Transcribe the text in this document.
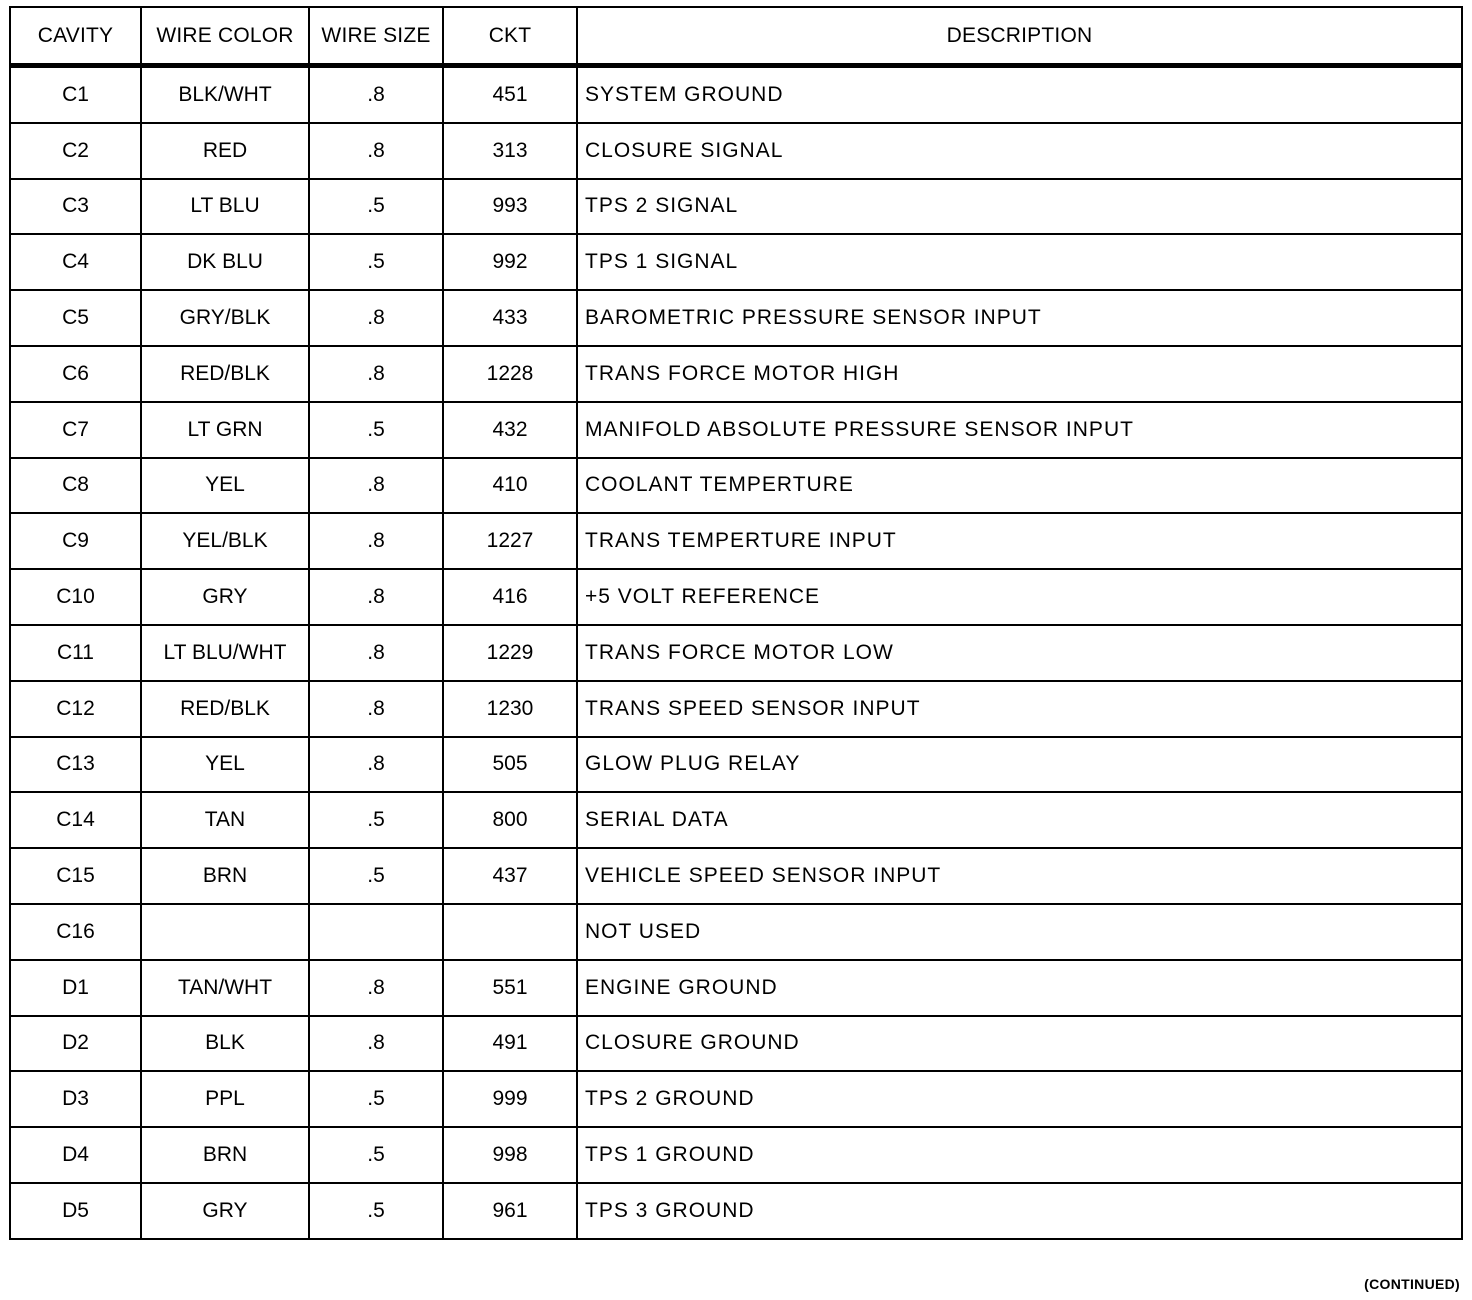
CAVITY	WIRE COLOR	WIRE SIZE	CKT	DESCRIPTION
C1	BLK/WHT	.8	451	SYSTEM GROUND
C2	RED	.8	313	CLOSURE SIGNAL
C3	LT BLU	.5	993	TPS 2 SIGNAL
C4	DK BLU	.5	992	TPS 1 SIGNAL
C5	GRY/BLK	.8	433	BAROMETRIC PRESSURE SENSOR INPUT
C6	RED/BLK	.8	1228	TRANS FORCE MOTOR HIGH
C7	LT GRN	.5	432	MANIFOLD ABSOLUTE PRESSURE SENSOR INPUT
C8	YEL	.8	410	COOLANT TEMPERTURE
C9	YEL/BLK	.8	1227	TRANS TEMPERTURE INPUT
C10	GRY	.8	416	+5 VOLT REFERENCE
C11	LT BLU/WHT	.8	1229	TRANS FORCE MOTOR LOW
C12	RED/BLK	.8	1230	TRANS SPEED SENSOR INPUT
C13	YEL	.8	505	GLOW PLUG RELAY
C14	TAN	.5	800	SERIAL DATA
C15	BRN	.5	437	VEHICLE SPEED SENSOR INPUT
C16				NOT USED
D1	TAN/WHT	.8	551	ENGINE GROUND
D2	BLK	.8	491	CLOSURE GROUND
D3	PPL	.5	999	TPS 2 GROUND
D4	BRN	.5	998	TPS 1 GROUND
D5	GRY	.5	961	TPS 3 GROUND
(CONTINUED)
